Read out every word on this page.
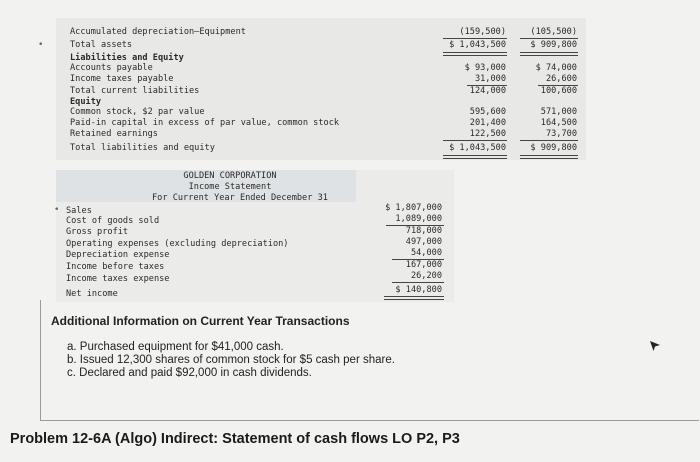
Accumulated depreciation—Equipment	(159,500)	(105,500)
Total assets	$ 1,043,500	$ 909,800
Liabilities and Equity
Accounts payable	$ 93,000	$ 74,000
Income taxes payable	31,000	26,600
Total current liabilities	124,000	100,600
Equity
Common stock, $2 par value	595,600	571,000
Paid-in capital in excess of par value, common stock	201,400	164,500
Retained earnings	122,500	73,700
Total liabilities and equity	$ 1,043,500	$ 909,800
•
GOLDEN CORPORATION
Income Statement
For Current Year Ended December 31
• Sales	$ 1,807,000
Cost of goods sold	1,089,000
Gross profit	718,000
Operating expenses (excluding depreciation)	497,000
Depreciation expense	54,000
Income before taxes	167,000
Income taxes expense	26,200
Net income	$ 140,800
Additional Information on Current Year Transactions
a. Purchased equipment for $41,000 cash.
b. Issued 12,300 shares of common stock for $5 cash per share.
c. Declared and paid $92,000 in cash dividends.
Problem 12-6A (Algo) Indirect: Statement of cash flows LO P2, P3
